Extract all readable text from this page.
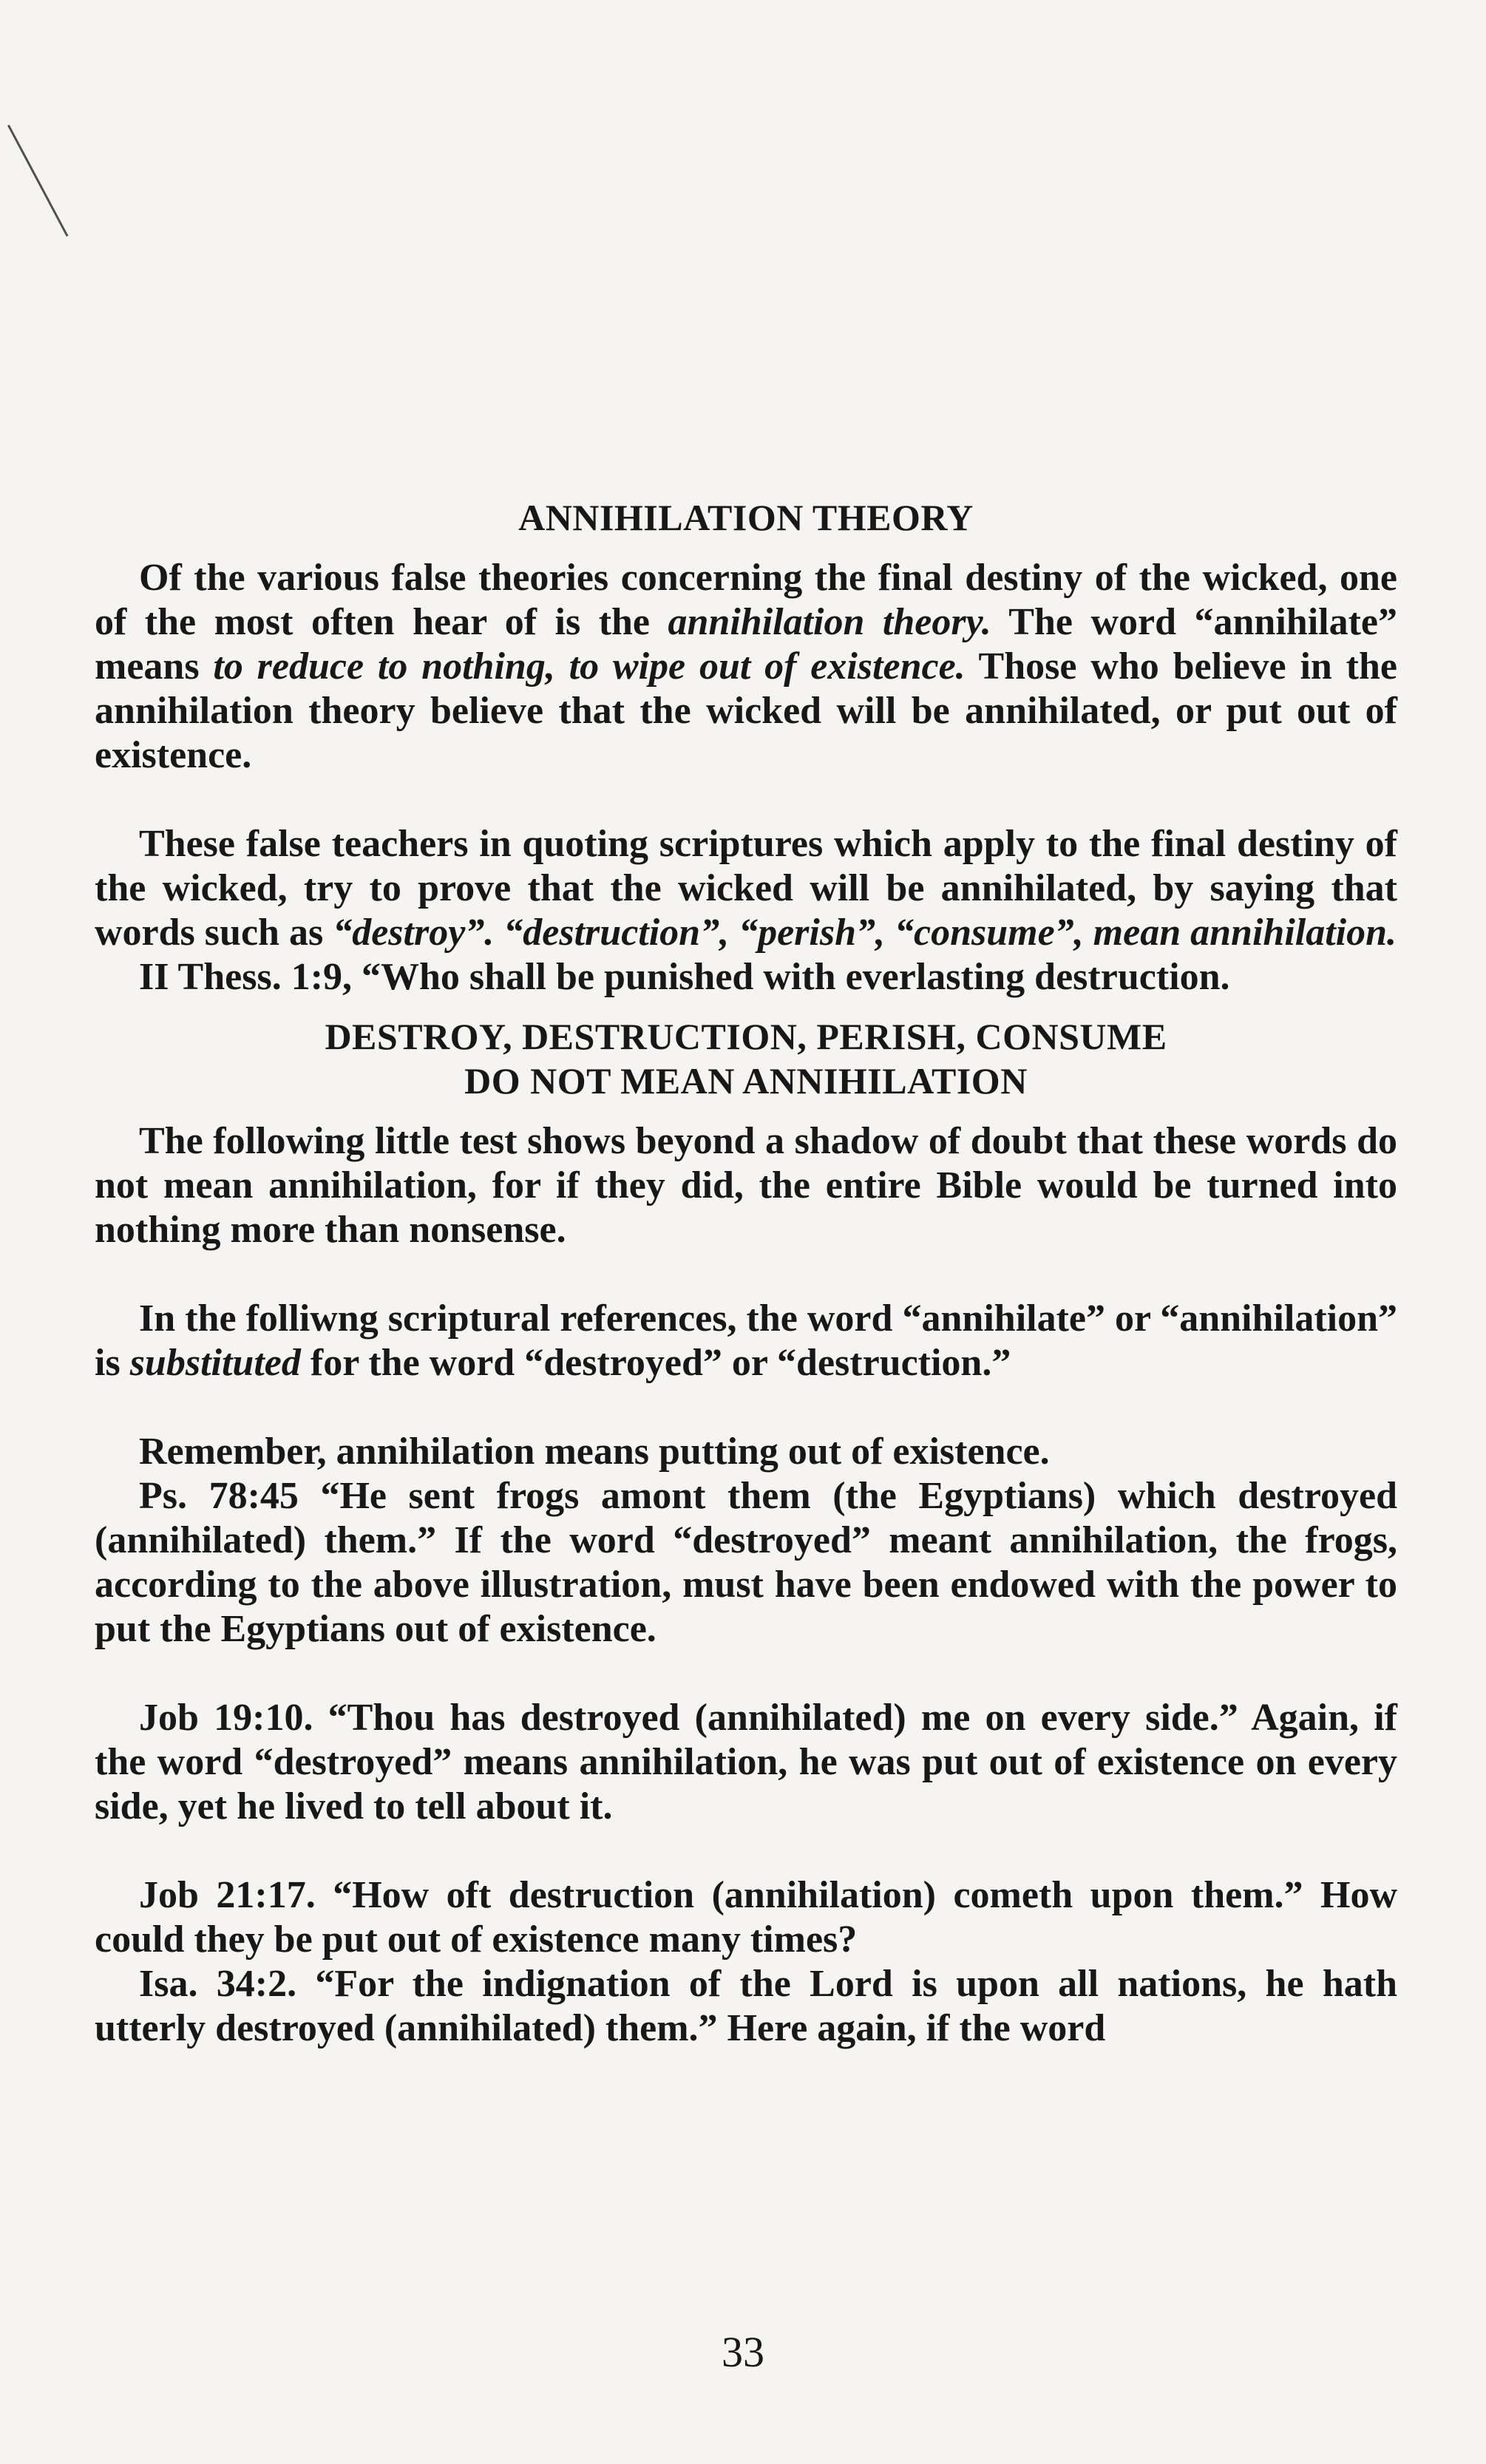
ANNIHILATION THEORY

Of the various false theories concerning the final destiny of the wicked, one of the most often hear of is the annihilation theory. The word “annihilate” means to reduce to nothing, to wipe out of existence. Those who believe in the annihilation theory believe that the wicked will be annihilated, or put out of existence.

These false teachers in quoting scriptures which apply to the final destiny of the wicked, try to prove that the wicked will be annihilated, by saying that words such as “destroy”. “destruction”, “perish”, “consume”, mean annihilation.

II Thess. 1:9, “Who shall be punished with everlasting destruction.

DESTROY, DESTRUCTION, PERISH, CONSUME
DO NOT MEAN ANNIHILATION

The following little test shows beyond a shadow of doubt that these words do not mean annihilation, for if they did, the entire Bible would be turned into nothing more than nonsense.

In the folliwng scriptural references, the word “annihilate” or “annihilation” is substituted for the word “destroyed” or “destruction.”

Remember, annihilation means putting out of existence.

Ps. 78:45 “He sent frogs amont them (the Egyptians) which destroyed (annihilated) them.” If the word “destroyed” meant annihilation, the frogs, according to the above illustration, must have been endowed with the power to put the Egyptians out of existence.

Job 19:10. “Thou has destroyed (annihilated) me on every side.” Again, if the word “destroyed” means annihilation, he was put out of existence on every side, yet he lived to tell about it.

Job 21:17. “How oft destruction (annihilation) cometh upon them.” How could they be put out of existence many times?

Isa. 34:2. “For the indignation of the Lord is upon all nations, he hath utterly destroyed (annihilated) them.” Here again, if the word

33
